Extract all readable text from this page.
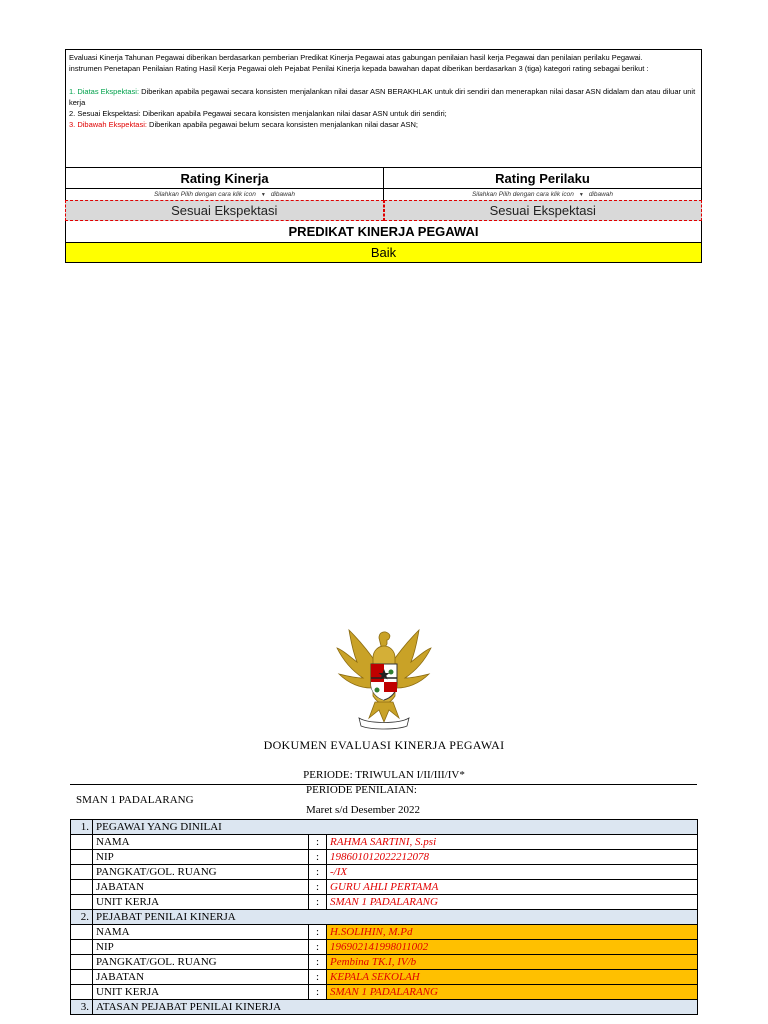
Evaluasi Kinerja Tahunan Pegawai diberikan berdasarkan pemberian Predikat Kinerja Pegawai atas gabungan penilaian hasil kerja Pegawai dan penilaian perilaku Pegawai.

instrumen Penetapan Penilaian Rating Hasil Kerja Pegawai oleh Pejabat Penilai Kinerja kepada bawahan dapat diberikan berdasarkan 3 (tiga) kategori rating sebagai berikut :

1. Diatas Ekspektasi: Diberikan apabila pegawai secara konsisten menjalankan nilai dasar ASN BERAKHLAK untuk diri sendiri dan menerapkan nilai dasar ASN didalam dan atau diluar unit kerja

2. Sesuai Ekspektasi: Diberikan apabila Pegawai secara konsisten menjalankan nilai dasar ASN untuk diri sendiri;

3. Dibawah Ekspektasi: Diberikan apabila pegawai belum secara konsisten menjalankan nilai dasar ASN;

Rating Kinerja	Rating Perilaku
Silahkan Pilih dengan cara klik icon ▼ dibawah	Silahkan Pilih dengan cara klik icon ▼ dibawah
Sesuai Ekspektasi	Sesuai Ekspektasi
PREDIKAT KINERJA PEGAWAI
Baik
DOKUMEN EVALUASI KINERJA PEGAWAI
PERIODE: TRIWULAN I/II/III/IV*
SMAN 1 PADALARANG
PERIODE PENILAIAN:
Maret s/d Desember 2022
1.	PEGAWAI YANG DINILAI		
	NAMA	:	RAHMA SARTINI, S.psi
	NIP	:	198601012022212078
	PANGKAT/GOL. RUANG	:	-/IX
	JABATAN	:	GURU AHLI PERTAMA
	UNIT KERJA	:	SMAN 1 PADALARANG
2.	PEJABAT PENILAI KINERJA		
	NAMA	:	H.SOLIHIN, M.Pd
	NIP	:	196902141998011002
	PANGKAT/GOL. RUANG	:	Pembina TK.I, IV/b
	JABATAN	:	KEPALA SEKOLAH
	UNIT KERJA	:	SMAN 1 PADALARANG
3.	ATASAN PEJABAT PENILAI KINERJA		
